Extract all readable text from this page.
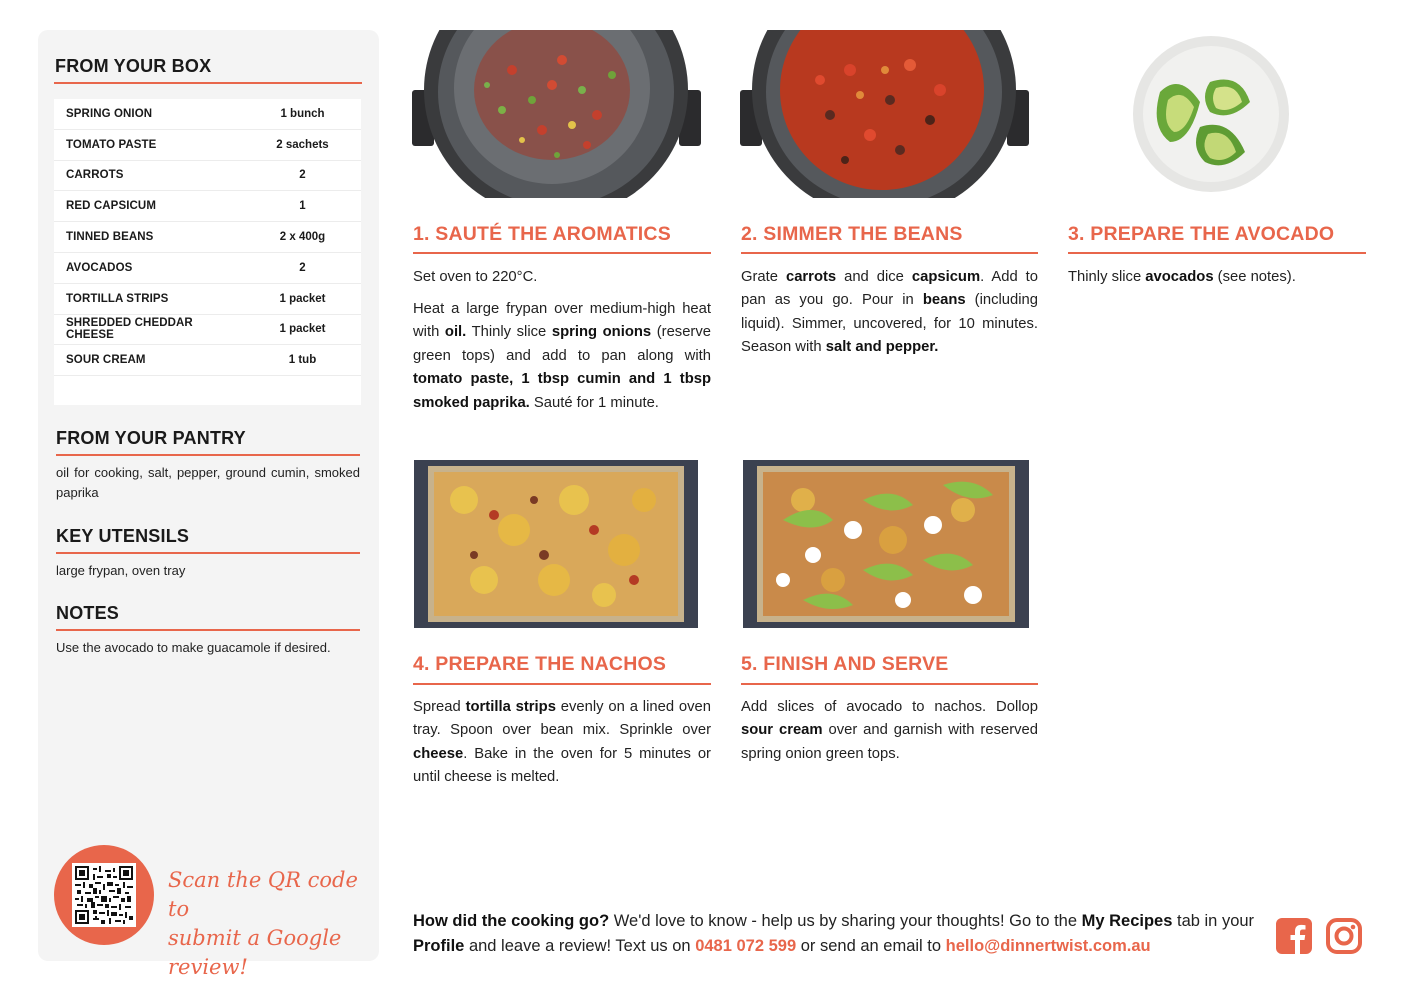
FROM YOUR BOX
SPRING ONION	1 bunch
TOMATO PASTE	2 sachets
CARROTS	2
RED CAPSICUM	1
TINNED BEANS	2 x 400g
AVOCADOS	2
TORTILLA STRIPS	1 packet
SHREDDED CHEDDAR CHEESE	1 packet
SOUR CREAM	1 tub
FROM YOUR PANTRY
oil for cooking, salt, pepper, ground cumin, smoked paprika
KEY UTENSILS
large frypan, oven tray
NOTES
Use the avocado to make guacamole if desired.
Scan the QR code to
submit a Google review!
1. SAUTÉ THE AROMATICS

Set oven to 220°C.

Heat a large frypan over medium-high heat with oil. Thinly slice spring onions (reserve green tops) and add to pan along with tomato paste, 1 tbsp cumin and 1 tbsp smoked paprika. Sauté for 1 minute.

2. SIMMER THE BEANS

Grate carrots and dice capsicum. Add to pan as you go. Pour in beans (including liquid). Simmer, uncovered, for 10 minutes. Season with salt and pepper.

3. PREPARE THE AVOCADO

Thinly slice avocados (see notes).

4. PREPARE THE NACHOS

Spread tortilla strips evenly on a lined oven tray. Spoon over bean mix. Sprinkle over cheese. Bake in the oven for 5 minutes or until cheese is melted.

5. FINISH AND SERVE

Add slices of avocado to nachos. Dollop sour cream over and garnish with reserved spring onion green tops.

How did the cooking go? We'd love to know - help us by sharing your thoughts! Go to the My Recipes tab in your Profile and leave a review! Text us on 0481 072 599 or send an email to hello@dinnertwist.com.au
